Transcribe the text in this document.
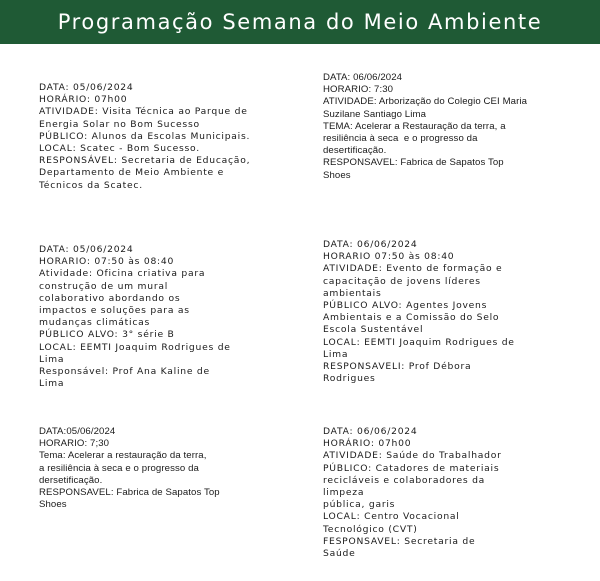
Programação Semana do Meio Ambiente
DATA: 05/06/2024
HORÁRIO: 07h00
ATIVIDADE: Visita Técnica ao Parque de
Energia Solar no Bom Sucesso
PÚBLICO: Alunos da Escolas Municipais.
LOCAL: Scatec - Bom Sucesso.
RESPONSÁVEL: Secretaria de Educação,
Departamento de Meio Ambiente e
Técnicos da Scatec.
DATA: 06/06/2024
HORARIO: 7:30
ATIVIDADE: Arborização do Colegio CEI Maria
Suzilane Santiago Lima
TEMA: Acelerar a Restauração da terra, a
resiliência à seca  e o progresso da
desertificação.
RESPONSAVEL: Fabrica de Sapatos Top
Shoes
DATA: 05/06/2024
HORARIO: 07:50 às 08:40
Atividade: Oficina criativa para
construção de um mural
colaborativo abordando os
impactos e soluções para as
mudanças climáticas
PÚBLICO ALVO: 3° série B
LOCAL: EEMTI Joaquim Rodrigues de
Lima
Responsável: Prof Ana Kaline de
Lima
DATA: 06/06/2024
HORARIO 07:50 às 08:40
ATIVIDADE: Evento de formação e
capacitação de jovens líderes
ambientais
PÚBLICO ALVO: Agentes Jovens
Ambientais e a Comissão do Selo
Escola Sustentável
LOCAL: EEMTI Joaquim Rodrigues de
Lima
RESPONSAVELI: Prof Débora
Rodrigues
DATA:05/06/2024
HORARIO: 7;30
Tema: Acelerar a restauração da terra,
a resiliência à seca e o progresso da
dersetificação.
RESPONSAVEL: Fabrica de Sapatos Top
Shoes
DATA: 06/06/2024
HORÁRIO: 07h00
ATIVIDADE: Saúde do Trabalhador
PÚBLICO: Catadores de materiais
recicláveis e colaboradores da
limpeza
pública, garis
LOCAL: Centro Vocacional
Tecnológico (CVT)
FESPONSAVEL: Secretaria de
Saúde
